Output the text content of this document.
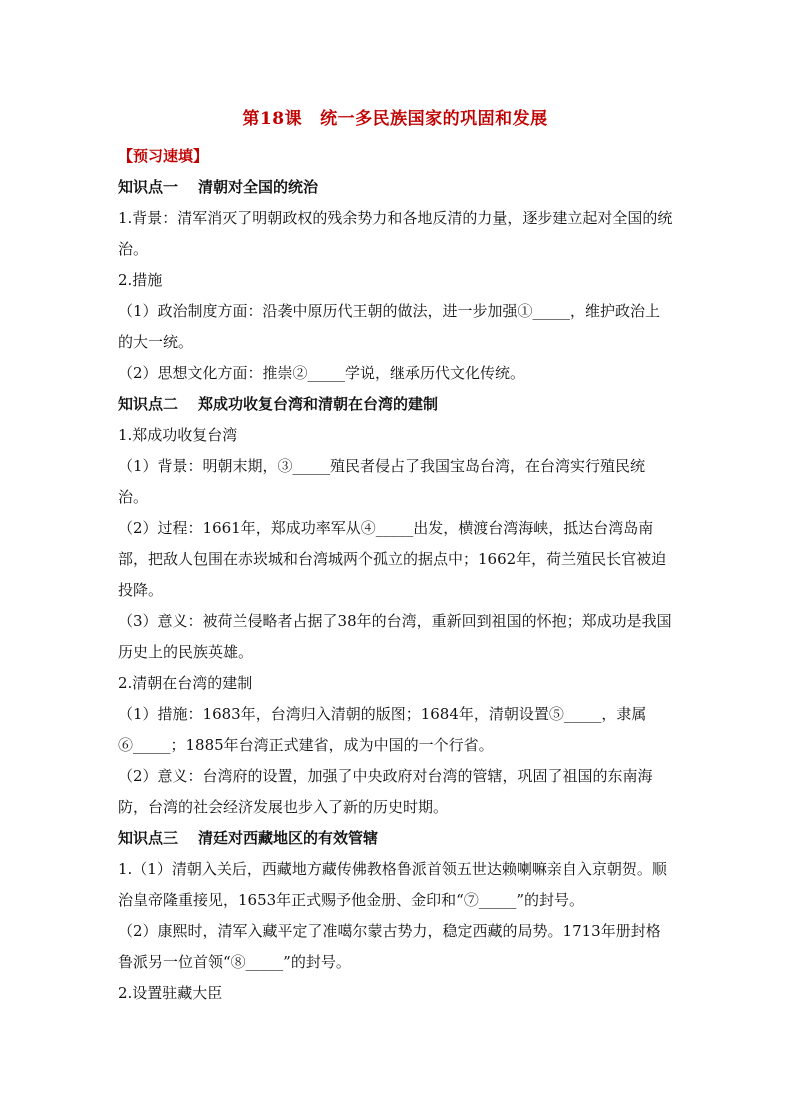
第18课 统一多民族国家的巩固和发展

【预习速填】

知识点一 清朝对全国的统治

1.背景：清军消灭了明朝政权的残余势力和各地反清的力量，逐步建立起对全国的统治。

2.措施

（1）政治制度方面：沿袭中原历代王朝的做法，进一步加强①_____，维护政治上的大一统。

（2）思想文化方面：推崇②_____学说，继承历代文化传统。

知识点二 郑成功收复台湾和清朝在台湾的建制

1.郑成功收复台湾

（1）背景：明朝末期，③_____殖民者侵占了我国宝岛台湾，在台湾实行殖民统治。

（2）过程：1661年，郑成功率军从④_____出发，横渡台湾海峡，抵达台湾岛南部，把敌人包围在赤崁城和台湾城两个孤立的据点中；1662年，荷兰殖民长官被迫投降。

（3）意义：被荷兰侵略者占据了38年的台湾，重新回到祖国的怀抱；郑成功是我国历史上的民族英雄。

2.清朝在台湾的建制

（1）措施：1683年，台湾归入清朝的版图；1684年，清朝设置⑤_____，隶属⑥_____；1885年台湾正式建省，成为中国的一个行省。

（2）意义：台湾府的设置，加强了中央政府对台湾的管辖，巩固了祖国的东南海防，台湾的社会经济发展也步入了新的历史时期。

知识点三 清廷对西藏地区的有效管辖

1.（1）清朝入关后，西藏地方藏传佛教格鲁派首领五世达赖喇嘛亲自入京朝贺。顺治皇帝隆重接见，1653年正式赐予他金册、金印和“⑦_____”的封号。

（2）康熙时，清军入藏平定了准噶尔蒙古势力，稳定西藏的局势。1713年册封格鲁派另一位首领“⑧_____”的封号。

2.设置驻藏大臣
